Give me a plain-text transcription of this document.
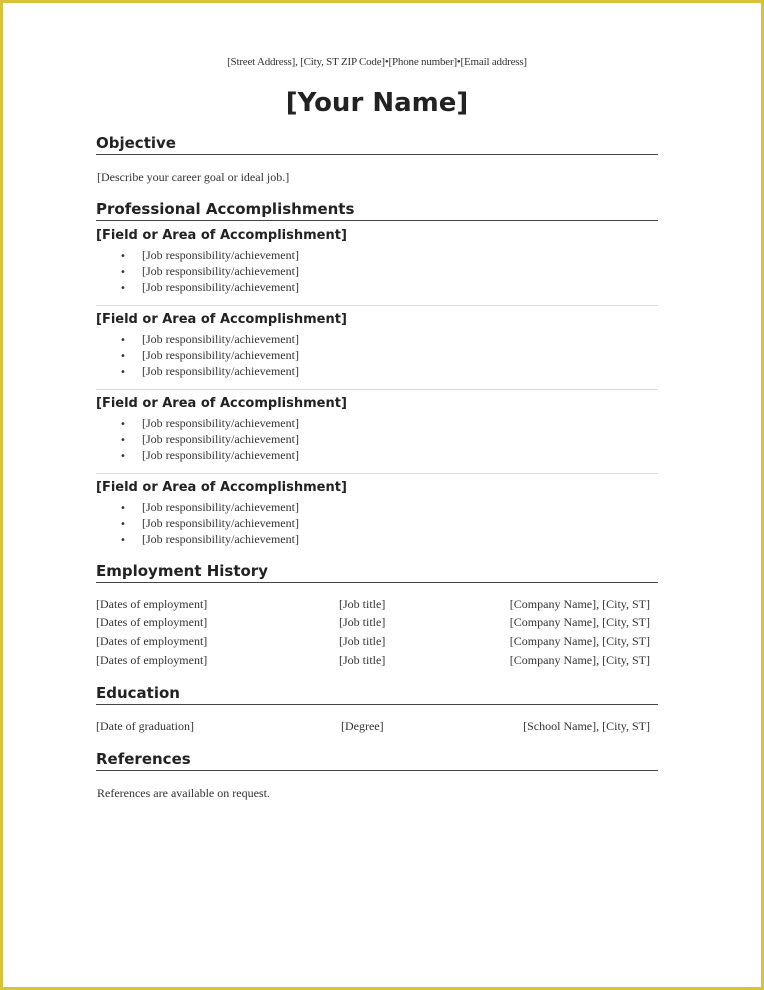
[Street Address], [City, ST ZIP Code]•[Phone number]•[Email address]
[Your Name]
Objective
[Describe your career goal or ideal job.]
Professional Accomplishments
[Field or Area of Accomplishment]
• [Job responsibility/achievement]
• [Job responsibility/achievement]
• [Job responsibility/achievement]
[Field or Area of Accomplishment]
• [Job responsibility/achievement]
• [Job responsibility/achievement]
• [Job responsibility/achievement]
[Field or Area of Accomplishment]
• [Job responsibility/achievement]
• [Job responsibility/achievement]
• [Job responsibility/achievement]
[Field or Area of Accomplishment]
• [Job responsibility/achievement]
• [Job responsibility/achievement]
• [Job responsibility/achievement]
Employment History
[Dates of employment]	[Job title]	[Company Name], [City, ST]
[Dates of employment]	[Job title]	[Company Name], [City, ST]
[Dates of employment]	[Job title]	[Company Name], [City, ST]
[Dates of employment]	[Job title]	[Company Name], [City, ST]
Education
[Date of graduation]	[Degree]	[School Name], [City, ST]
References
References are available on request.
